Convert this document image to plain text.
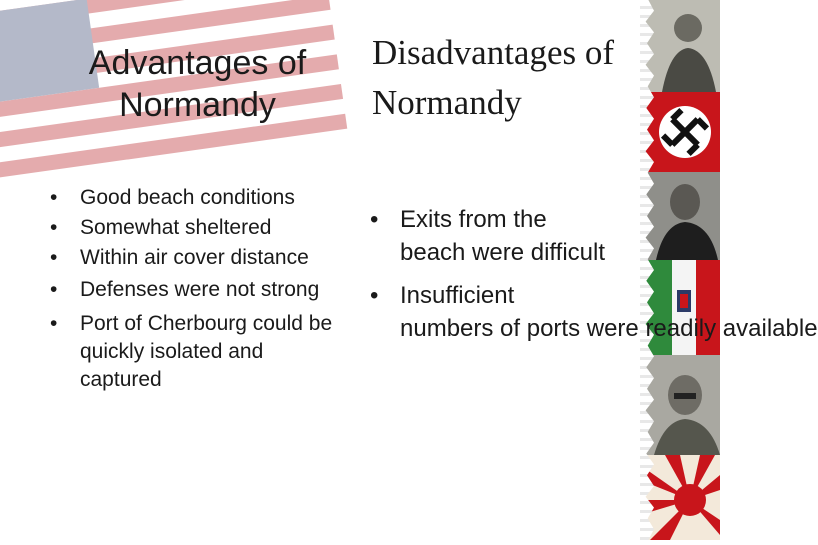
Advantages of Normandy
• Good beach conditions
• Somewhat sheltered
• Within air cover distance
• Defenses were not strong
• Port of Cherbourg could be quickly isolated and captured
Disadvantages of Normandy
• Exits from the
beach were difficult
• Insufficient
numbers of ports were readily available
